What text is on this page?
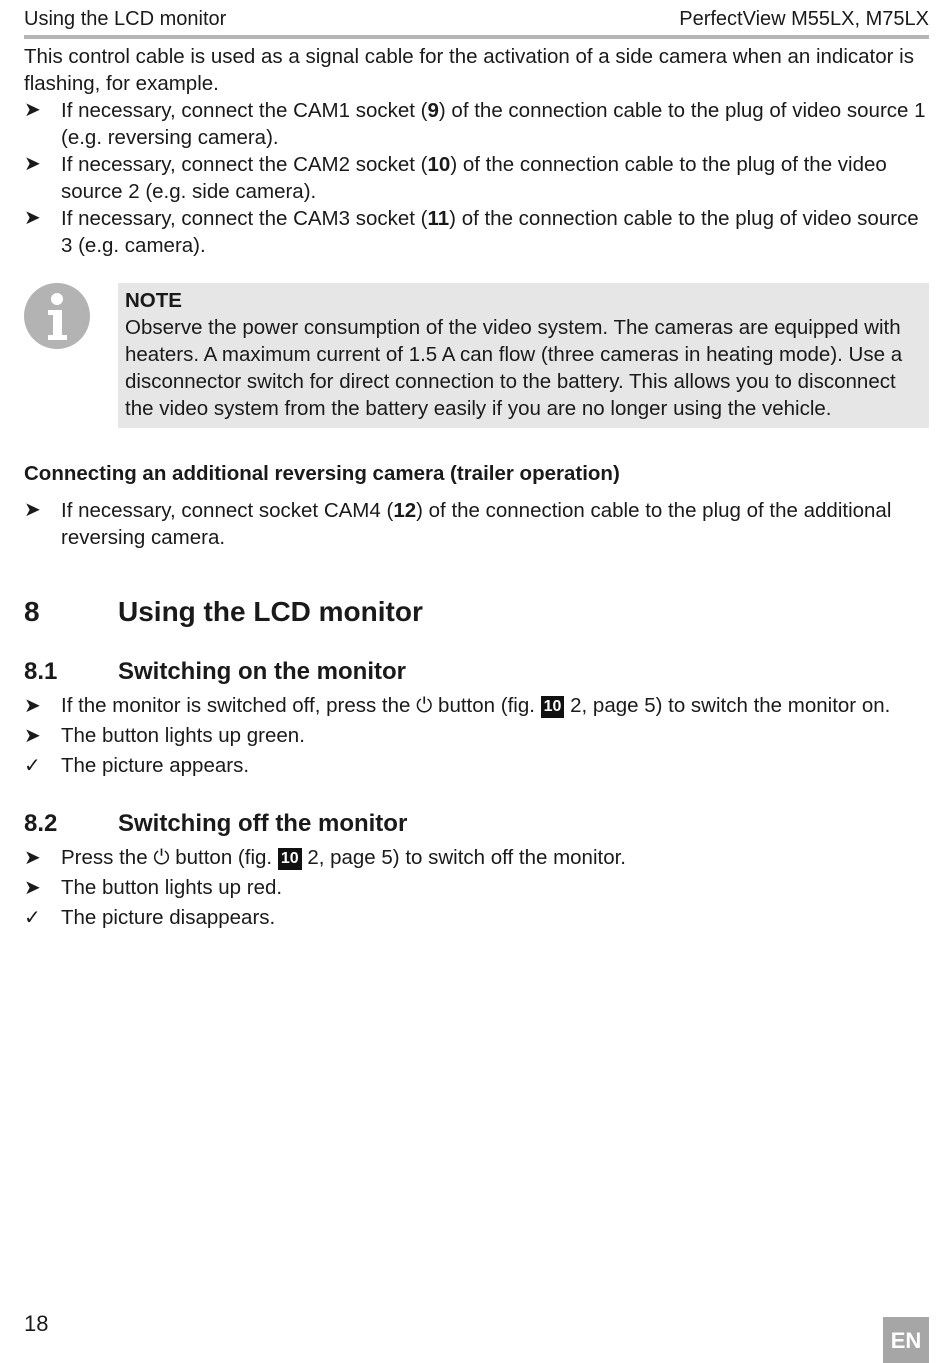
Using the LCD monitor	PerfectView M55LX, M75LX

This control cable is used as a signal cable for the activation of a side camera when an indicator is flashing, for example.

➤ If necessary, connect the CAM1 socket (9) of the connection cable to the plug of video source 1 (e.g. reversing camera).
➤ If necessary, connect the CAM2 socket (10) of the connection cable to the plug of the video source 2 (e.g. side camera).
➤ If necessary, connect the CAM3 socket (11) of the connection cable to the plug of video source 3 (e.g. camera).
NOTE

Observe the power consumption of the video system. The cameras are equipped with heaters. A maximum current of 1.5 A can flow (three cameras in heating mode). Use a disconnector switch for direct connection to the battery. This allows you to disconnect the video system from the battery easily if you are no longer using the vehicle.

Connecting an additional reversing camera (trailer operation)
➤ If necessary, connect socket CAM4 (12) of the connection cable to the plug of the additional reversing camera.
8	Using the LCD monitor
8.1	Switching on the monitor
➤ If the monitor is switched off, press the ⏻ button (fig. 10 2, page 5) to switch the monitor on.
➤ The button lights up green.
✓ The picture appears.
8.2	Switching off the monitor
➤ Press the ⏻ button (fig. 10 2, page 5) to switch off the monitor.
➤ The button lights up red.
✓ The picture disappears.
18
EN
